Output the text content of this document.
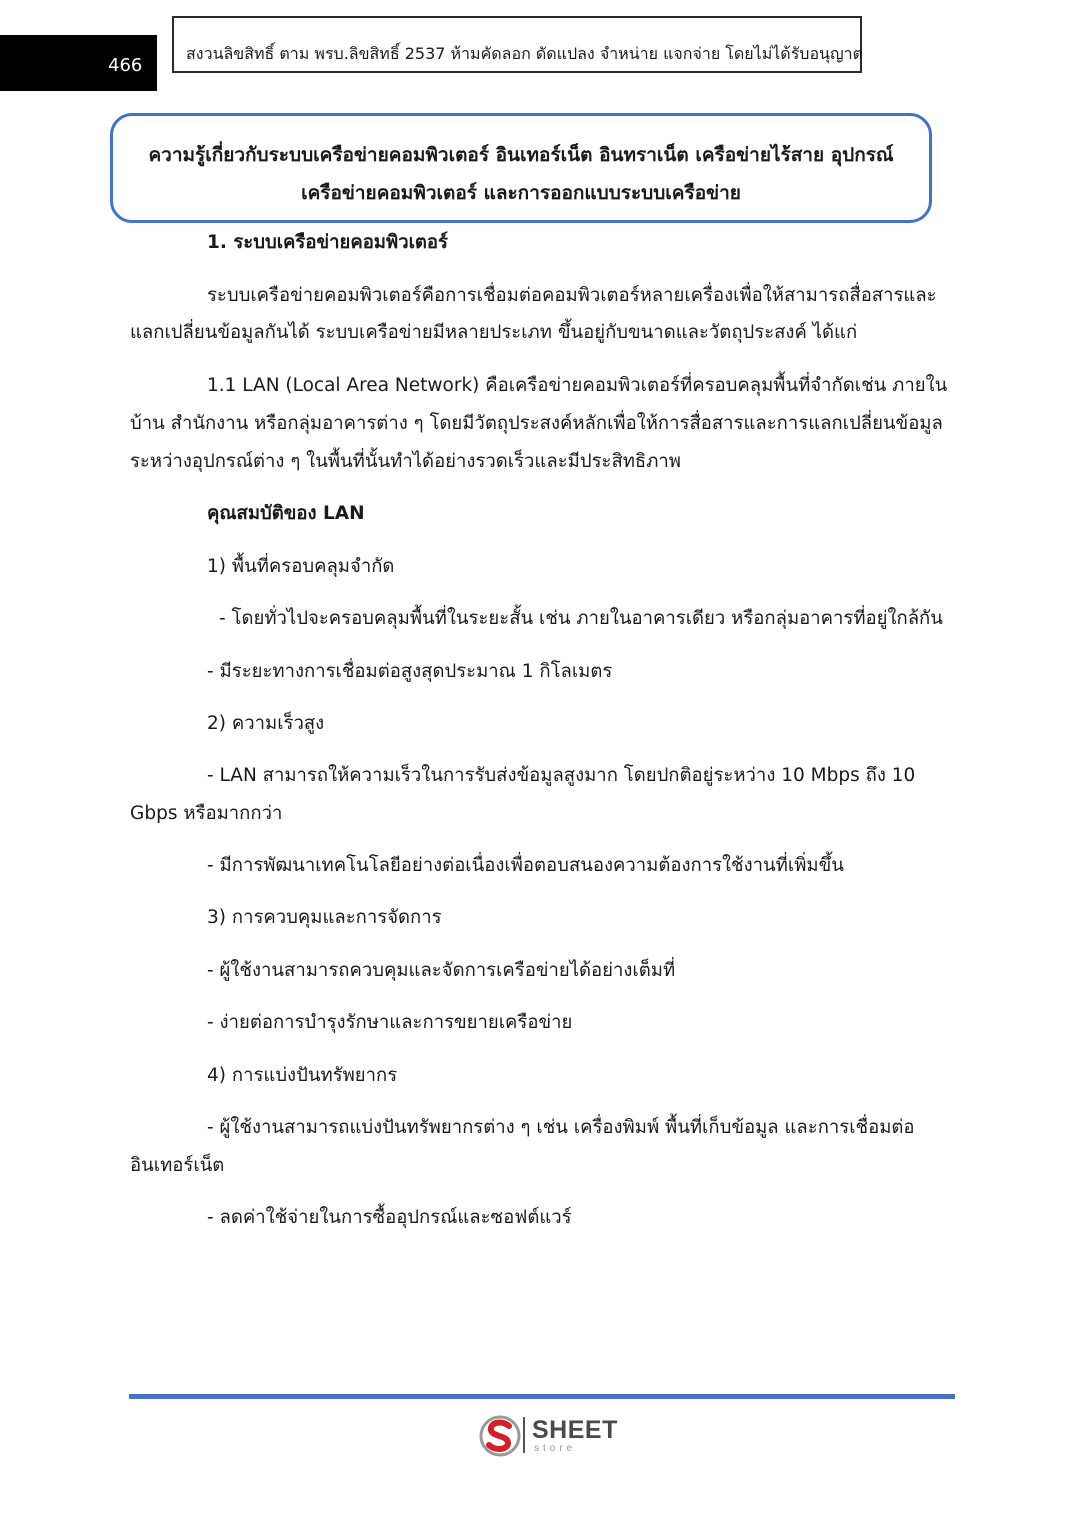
466
สงวนลิขสิทธิ์ ตาม พรบ.ลิขสิทธิ์ 2537 ห้ามคัดลอก ดัดแปลง จำหน่าย แจกจ่าย โดยไม่ได้รับอนุญาต
ความรู้เกี่ยวกับระบบเครือข่ายคอมพิวเตอร์ อินเทอร์เน็ต อินทราเน็ต เครือข่ายไร้สาย อุปกรณ์
เครือข่ายคอมพิวเตอร์ และการออกแบบระบบเครือข่าย
1. ระบบเครือข่ายคอมพิวเตอร์
ระบบเครือข่ายคอมพิวเตอร์คือการเชื่อมต่อคอมพิวเตอร์หลายเครื่องเพื่อให้สามารถสื่อสารและ
แลกเปลี่ยนข้อมูลกันได้ ระบบเครือข่ายมีหลายประเภท ขึ้นอยู่กับขนาดและวัตถุประสงค์ ได้แก่
1.1 LAN (Local Area Network) คือเครือข่ายคอมพิวเตอร์ที่ครอบคลุมพื้นที่จำกัดเช่น ภายใน
บ้าน สำนักงาน หรือกลุ่มอาคารต่าง ๆ โดยมีวัตถุประสงค์หลักเพื่อให้การสื่อสารและการแลกเปลี่ยนข้อมูล
ระหว่างอุปกรณ์ต่าง ๆ ในพื้นที่นั้นทำได้อย่างรวดเร็วและมีประสิทธิภาพ
คุณสมบัติของ LAN
1) พื้นที่ครอบคลุมจำกัด
- โดยทั่วไปจะครอบคลุมพื้นที่ในระยะสั้น เช่น ภายในอาคารเดียว หรือกลุ่มอาคารที่อยู่ใกล้กัน
- มีระยะทางการเชื่อมต่อสูงสุดประมาณ 1 กิโลเมตร
2) ความเร็วสูง
- LAN สามารถให้ความเร็วในการรับส่งข้อมูลสูงมาก โดยปกติอยู่ระหว่าง 10 Mbps ถึง 10
Gbps หรือมากกว่า
- มีการพัฒนาเทคโนโลยีอย่างต่อเนื่องเพื่อตอบสนองความต้องการใช้งานที่เพิ่มขึ้น
3) การควบคุมและการจัดการ
- ผู้ใช้งานสามารถควบคุมและจัดการเครือข่ายได้อย่างเต็มที่
- ง่ายต่อการบำรุงรักษาและการขยายเครือข่าย
4) การแบ่งปันทรัพยากร
- ผู้ใช้งานสามารถแบ่งปันทรัพยากรต่าง ๆ เช่น เครื่องพิมพ์ พื้นที่เก็บข้อมูล และการเชื่อมต่อ
อินเทอร์เน็ต
- ลดค่าใช้จ่ายในการซื้ออุปกรณ์และซอฟต์แวร์
SHEET
store
